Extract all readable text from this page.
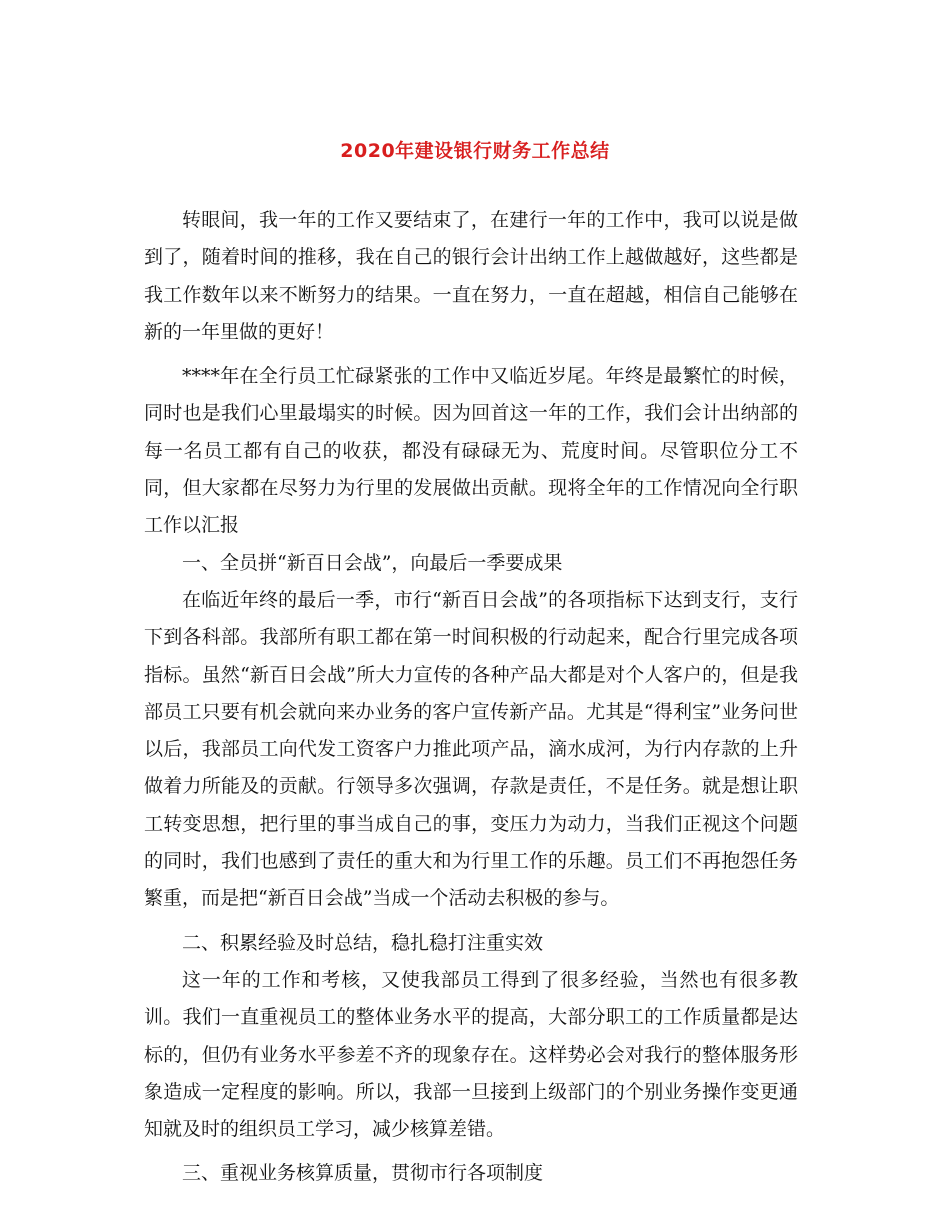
2020年建设银行财务工作总结

转眼间，我一年的工作又要结束了，在建行一年的工作中，我可以说是做到了，随着时间的推移，我在自己的银行会计出纳工作上越做越好，这些都是我工作数年以来不断努力的结果。一直在努力，一直在超越，相信自己能够在新的一年里做的更好！

****年在全行员工忙碌紧张的工作中又临近岁尾。年终是最繁忙的时候，同时也是我们心里最塌实的时候。因为回首这一年的工作，我们会计出纳部的每一名员工都有自己的收获，都没有碌碌无为、荒度时间。尽管职位分工不同，但大家都在尽努力为行里的发展做出贡献。现将全年的工作情况向全行职工作以汇报

一、全员拼“新百日会战”，向最后一季要成果

在临近年终的最后一季，市行“新百日会战”的各项指标下达到支行，支行下到各科部。我部所有职工都在第一时间积极的行动起来，配合行里完成各项指标。虽然“新百日会战”所大力宣传的各种产品大都是对个人客户的，但是我部员工只要有机会就向来办业务的客户宣传新产品。尤其是“得利宝”业务问世以后，我部员工向代发工资客户力推此项产品，滴水成河，为行内存款的上升做着力所能及的贡献。行领导多次强调，存款是责任，不是任务。就是想让职工转变思想，把行里的事当成自己的事，变压力为动力，当我们正视这个问题的同时，我们也感到了责任的重大和为行里工作的乐趣。员工们不再抱怨任务繁重，而是把“新百日会战”当成一个活动去积极的参与。

二、积累经验及时总结，稳扎稳打注重实效

这一年的工作和考核，又使我部员工得到了很多经验，当然也有很多教训。我们一直重视员工的整体业务水平的提高，大部分职工的工作质量都是达标的，但仍有业务水平参差不齐的现象存在。这样势必会对我行的整体服务形象造成一定程度的影响。所以，我部一旦接到上级部门的个别业务操作变更通知就及时的组织员工学习，减少核算差错。

三、重视业务核算质量，贯彻市行各项制度
